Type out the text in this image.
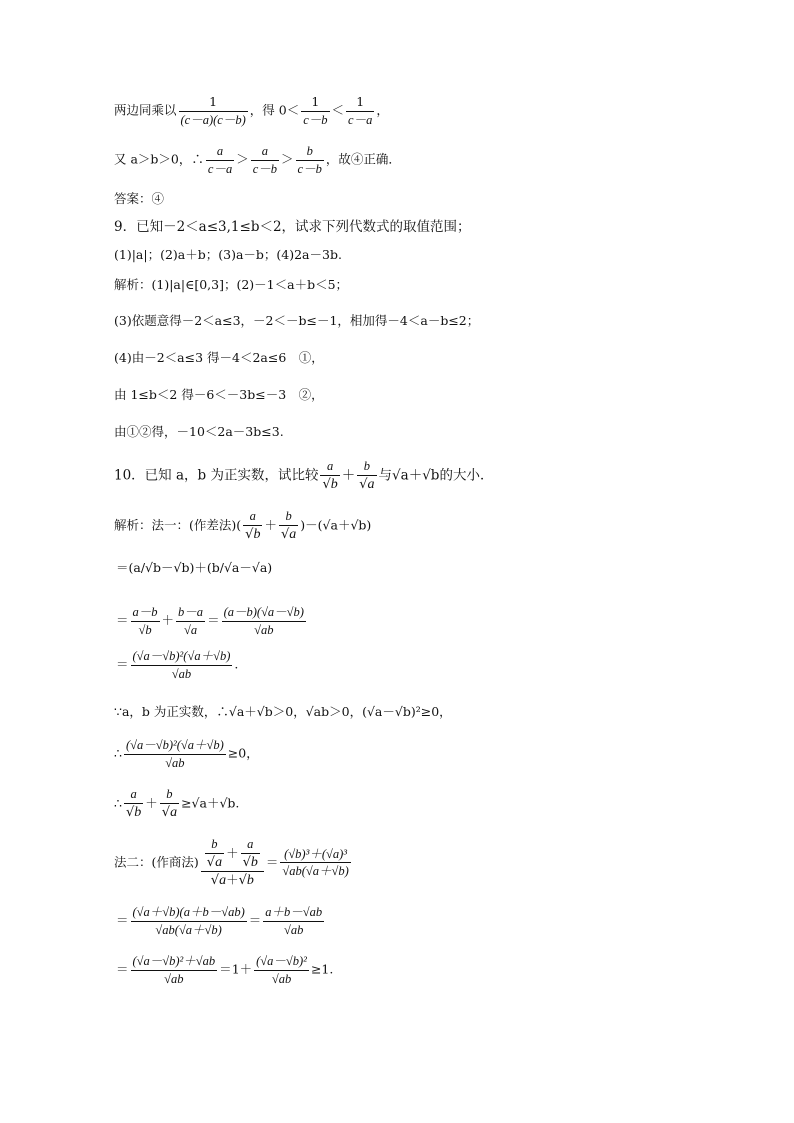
两边同乘以 $\frac{1}{(c-a)(c-b)}$ ，得 $0< \frac{1}{c-b} < \frac{1}{c-a}$ ，
又 a＞b＞0，∴ $\frac{a}{c-a} > \frac{a}{c-b} > \frac{b}{c-b}$ ，故④正确．
答案：④
9．已知－2＜a≤3,1≤b＜2，试求下列代数式的取值范围；
(1)|a|；(2)a＋b；(3)a－b；(4)2a－3b.
解析：(1)|a|∈[0,3]；(2)－1＜a＋b＜5；
(3)依题意得－2＜a≤3，－2＜－b≤－1，相加得－4＜a－b≤2；
(4)由－2＜a≤3 得－4＜2a≤6　①，
由 1≤b＜2 得－6＜－3b≤－3　②，
由①②得，－10＜2a－3b≤3.
10．已知 a，b 为正实数，试比较 $\frac{a}{√b} + \frac{b}{√a}$ 与√a＋√b的大小．
解析：法一：(作差法)( $\frac{a}{√b} + \frac{b}{√a} )-(√a+√b)$
＝(a/√b－√b)＋(b/√a－√a)
＝ $\frac{a-b}{√b} + \frac{b-a}{√a} = \frac{(a-b)(√a-√b)}{√ab}$
＝ $\frac{\text{(√a－√b)²(√a＋√b)}}{√ab}$ .
∵a，b 为正实数，∴√a＋√b＞0，√ab＞0，(√a－√b)²≥0，
∴ $\frac{\text{(√a－√b)²(√a＋√b)}}{√ab} \ge 0$，
∴ $\frac{a}{√b} + \frac{b}{√a} \ge√a+√b$.
法二：(作商法) $\frac{\frac{b}{√a} + \frac{a}{√b}}{√a+√b} = \frac{\text{(√b)³＋(√a)³}}{√ab(√a+√b)}$
＝ $\frac{(√a+√b)(a+b-√ab)}{√ab(√a+√b)} = \frac{a+b-√ab}{√ab}$
＝ $\frac{\text{(√a－√b)²＋√ab}}{√ab} =1+ \frac{\text{(√a－√b)²}}{√ab} \ge 1$.
